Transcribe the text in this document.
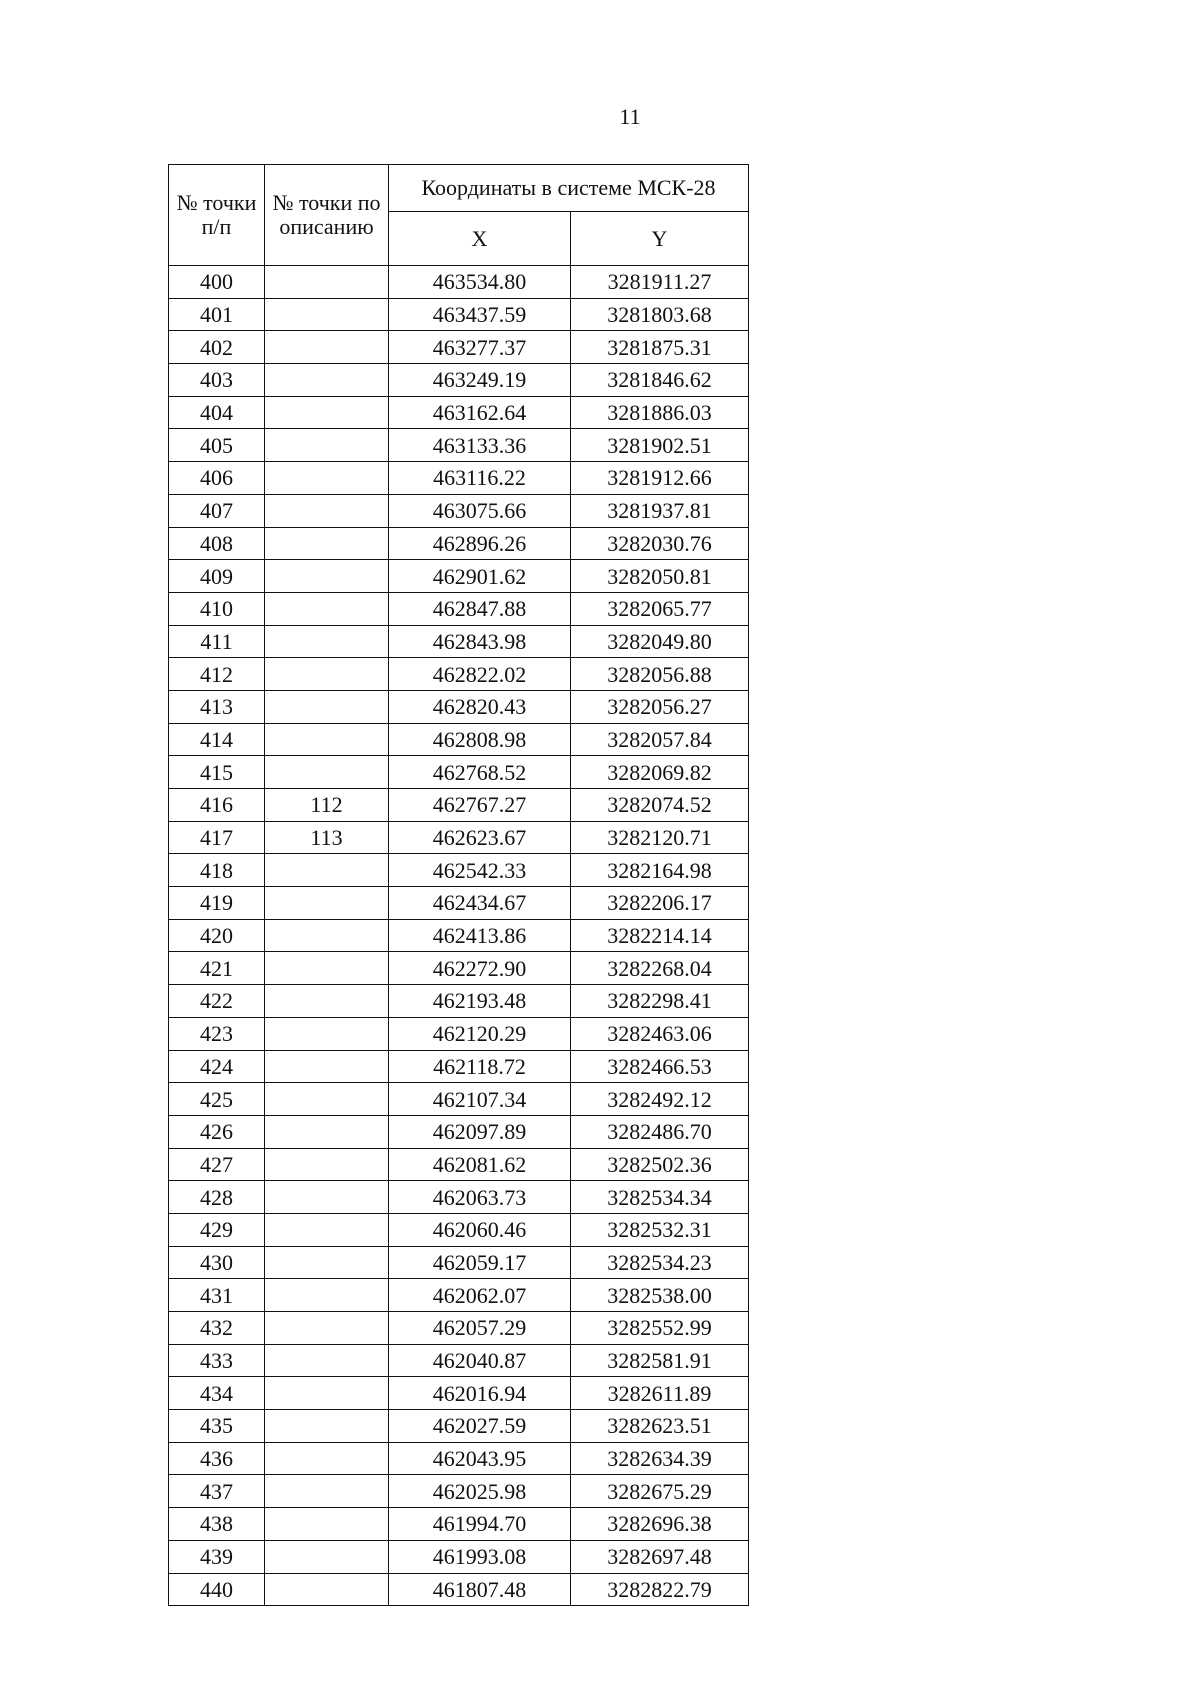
11
№ точки п/п	№ точки по описанию	Координаты в системе МСК-28	
		X	Y
400		463534.80	3281911.27
401		463437.59	3281803.68
402		463277.37	3281875.31
403		463249.19	3281846.62
404		463162.64	3281886.03
405		463133.36	3281902.51
406		463116.22	3281912.66
407		463075.66	3281937.81
408		462896.26	3282030.76
409		462901.62	3282050.81
410		462847.88	3282065.77
411		462843.98	3282049.80
412		462822.02	3282056.88
413		462820.43	3282056.27
414		462808.98	3282057.84
415		462768.52	3282069.82
416	112	462767.27	3282074.52
417	113	462623.67	3282120.71
418		462542.33	3282164.98
419		462434.67	3282206.17
420		462413.86	3282214.14
421		462272.90	3282268.04
422		462193.48	3282298.41
423		462120.29	3282463.06
424		462118.72	3282466.53
425		462107.34	3282492.12
426		462097.89	3282486.70
427		462081.62	3282502.36
428		462063.73	3282534.34
429		462060.46	3282532.31
430		462059.17	3282534.23
431		462062.07	3282538.00
432		462057.29	3282552.99
433		462040.87	3282581.91
434		462016.94	3282611.89
435		462027.59	3282623.51
436		462043.95	3282634.39
437		462025.98	3282675.29
438		461994.70	3282696.38
439		461993.08	3282697.48
440		461807.48	3282822.79
